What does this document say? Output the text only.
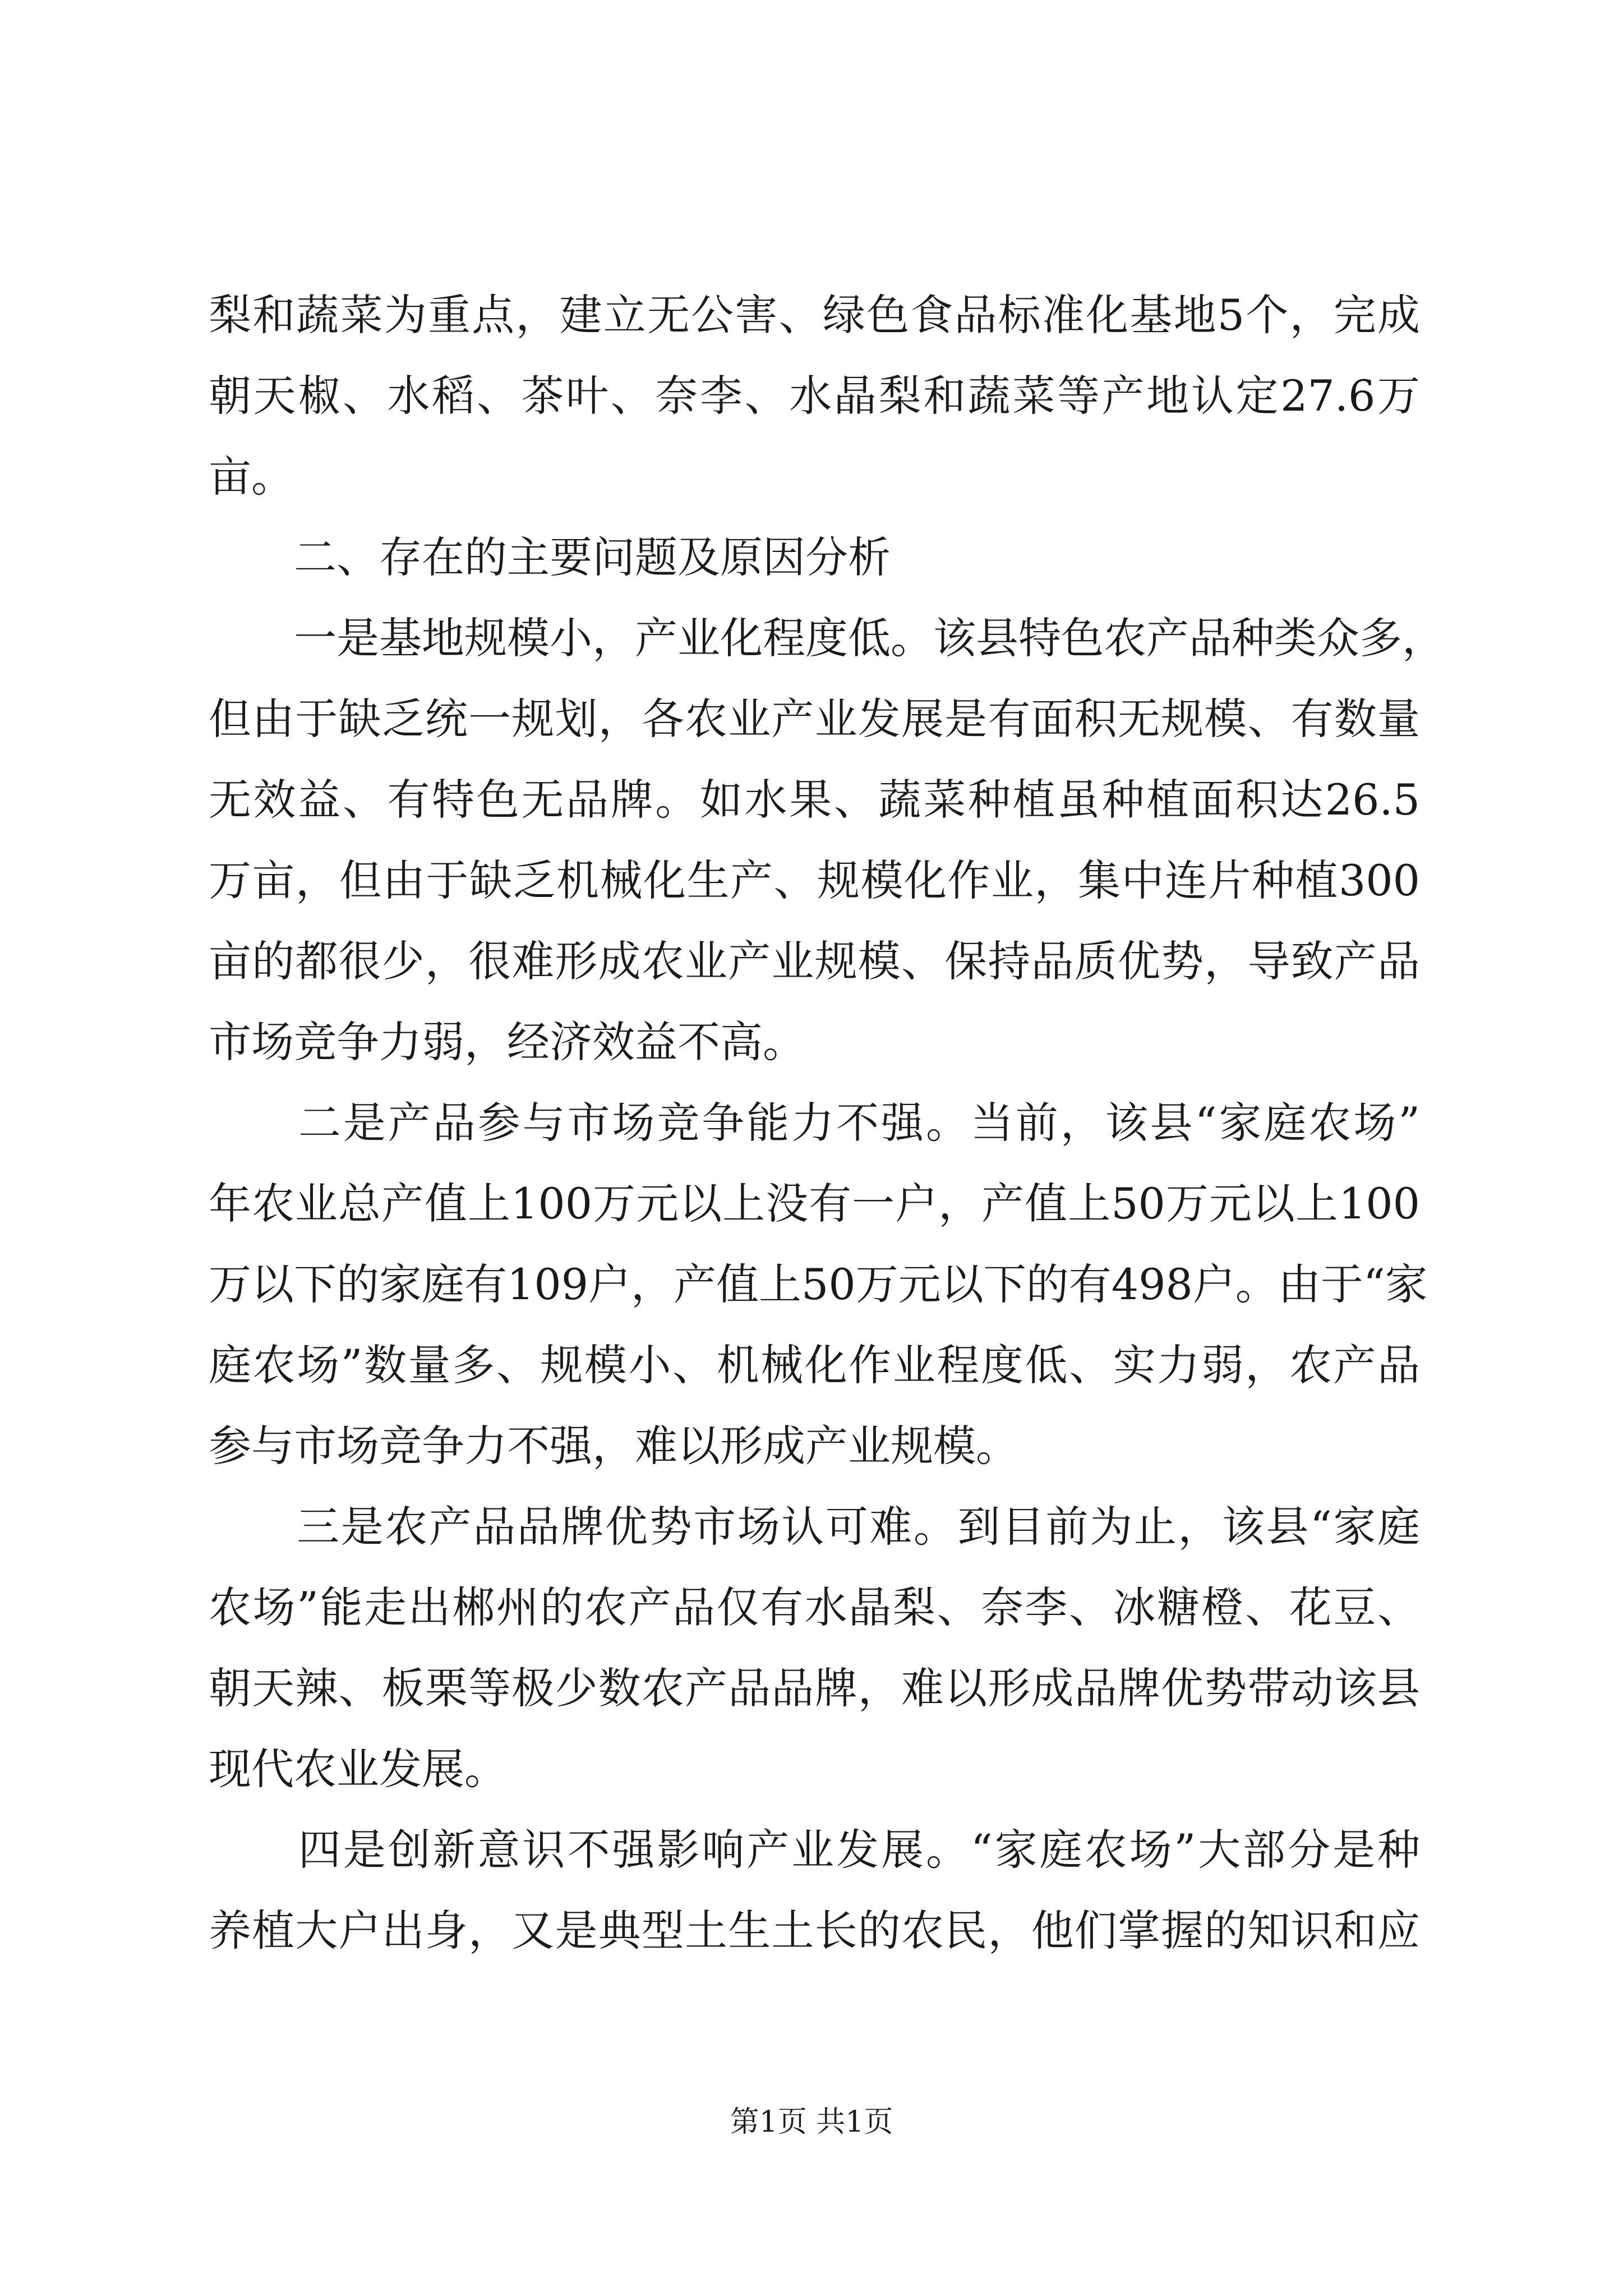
梨和蔬菜为重点，建立无公害、绿色食品标准化基地5个，完成
朝天椒、水稻、茶叶、奈李、水晶梨和蔬菜等产地认定27.6万
亩。
　　二、存在的主要问题及原因分析
　　一是基地规模小，产业化程度低。该县特色农产品种类众多，
但由于缺乏统一规划，各农业产业发展是有面积无规模、有数量
无效益、有特色无品牌。如水果、蔬菜种植虽种植面积达26.5
万亩，但由于缺乏机械化生产、规模化作业，集中连片种植300
亩的都很少，很难形成农业产业规模、保持品质优势，导致产品
市场竞争力弱，经济效益不高。
　　二是产品参与市场竞争能力不强。当前，该县“家庭农场”
年农业总产值上100万元以上没有一户，产值上50万元以上100
万以下的家庭有109户，产值上50万元以下的有498户。由于“家
庭农场”数量多、规模小、机械化作业程度低、实力弱，农产品
参与市场竞争力不强，难以形成产业规模。
　　三是农产品品牌优势市场认可难。到目前为止，该县“家庭
农场”能走出郴州的农产品仅有水晶梨、奈李、冰糖橙、花豆、
朝天辣、板栗等极少数农产品品牌，难以形成品牌优势带动该县
现代农业发展。
　　四是创新意识不强影响产业发展。“家庭农场”大部分是种
养植大户出身，又是典型土生土长的农民，他们掌握的知识和应
第1页 共1页
